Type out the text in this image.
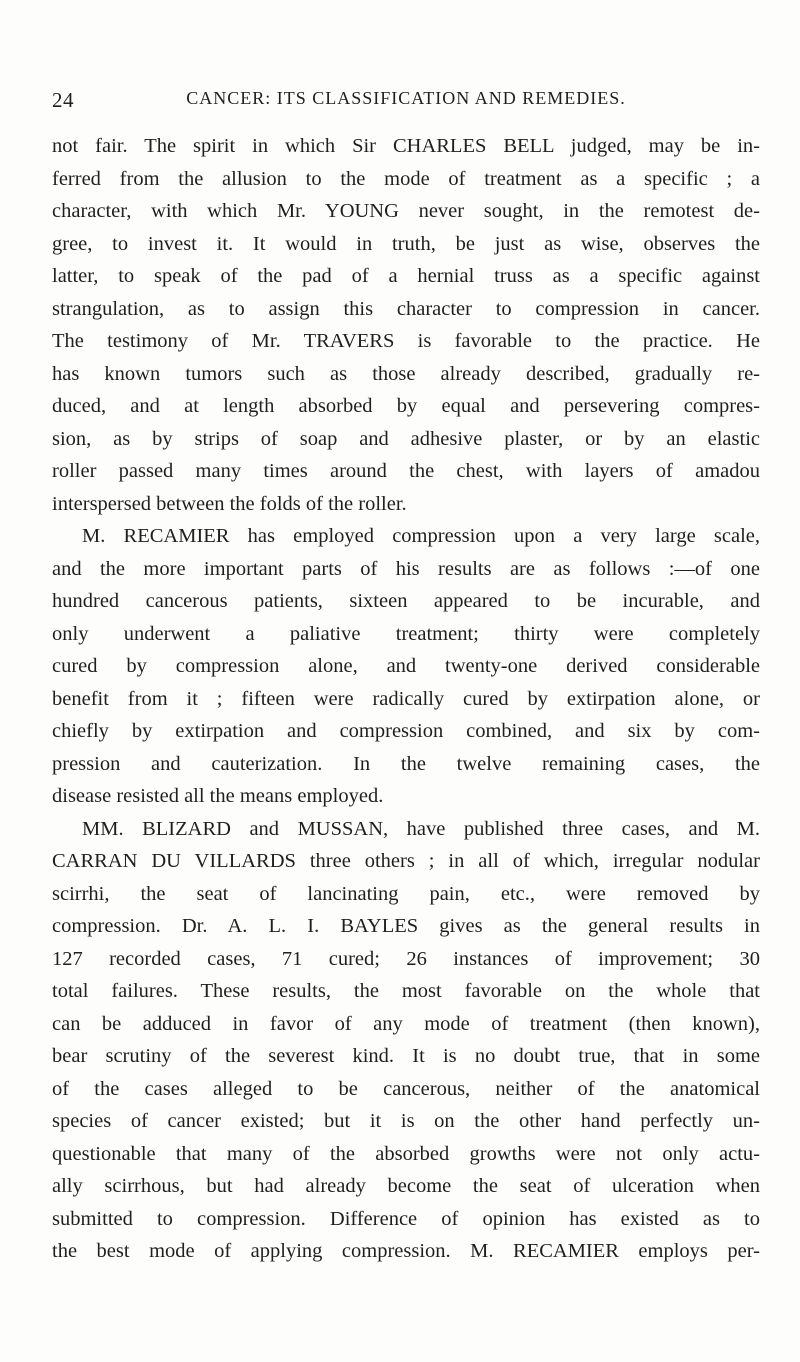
24	CANCER: ITS CLASSIFICATION AND REMEDIES.
not fair. The spirit in which Sir CHARLES BELL judged, may be in-
ferred from the allusion to the mode of treatment as a specific ; a
character, with which Mr. YOUNG never sought, in the remotest de-
gree, to invest it. It would in truth, be just as wise, observes the
latter, to speak of the pad of a hernial truss as a specific against
strangulation, as to assign this character to compression in cancer.
The testimony of Mr. TRAVERS is favorable to the practice. He
has known tumors such as those already described, gradually re-
duced, and at length absorbed by equal and persevering compres-
sion, as by strips of soap and adhesive plaster, or by an elastic
roller passed many times around the chest, with layers of amadou
interspersed between the folds of the roller.
M. RECAMIER has employed compression upon a very large scale,
and the more important parts of his results are as follows :—of one
hundred cancerous patients, sixteen appeared to be incurable, and
only underwent a paliative treatment; thirty were completely
cured by compression alone, and twenty-one derived considerable
benefit from it ; fifteen were radically cured by extirpation alone, or
chiefly by extirpation and compression combined, and six by com-
pression and cauterization. In the twelve remaining cases, the
disease resisted all the means employed.
MM. BLIZARD and MUSSAN, have published three cases, and M.
CARRAN DU VILLARDS three others ; in all of which, irregular nodular
scirrhi, the seat of lancinating pain, etc., were removed by
compression. Dr. A. L. I. BAYLES gives as the general results in
127 recorded cases, 71 cured; 26 instances of improvement; 30
total failures. These results, the most favorable on the whole that
can be adduced in favor of any mode of treatment (then known),
bear scrutiny of the severest kind. It is no doubt true, that in some
of the cases alleged to be cancerous, neither of the anatomical
species of cancer existed; but it is on the other hand perfectly un-
questionable that many of the absorbed growths were not only actu-
ally scirrhous, but had already become the seat of ulceration when
submitted to compression. Difference of opinion has existed as to
the best mode of applying compression. M. RECAMIER employs per-
